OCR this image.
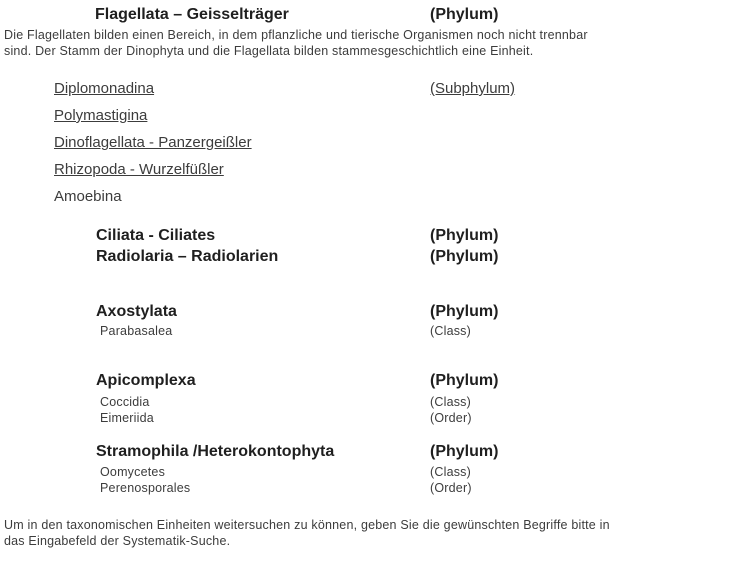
Flagellata – Geisselträger	(Phylum)
Die Flagellaten bilden einen Bereich, in dem pflanzliche und tierische Organismen noch nicht trennbar
sind. Der Stamm der Dinophyta und die Flagellata bilden stammesgeschichtlich eine Einheit.
Diplomonadina	(Subphylum)
Polymastigina
Dinoflagellata - Panzergeißler
Rhizopoda - Wurzelfüßler
Amoebina
Ciliata - Ciliates	(Phylum)
Radiolaria – Radiolarien	(Phylum)
Axostylata	(Phylum)
Parabasalea	(Class)
Apicomplexa	(Phylum)
Coccidia	(Class)
Eimeriida	(Order)
Stramophila /Heterokontophyta	(Phylum)
Oomycetes	(Class)
Perenosporales	(Order)
Um in den taxonomischen Einheiten weitersuchen zu können, geben Sie die gewünschten Begriffe bitte in
das Eingabefeld der Systematik-Suche.
